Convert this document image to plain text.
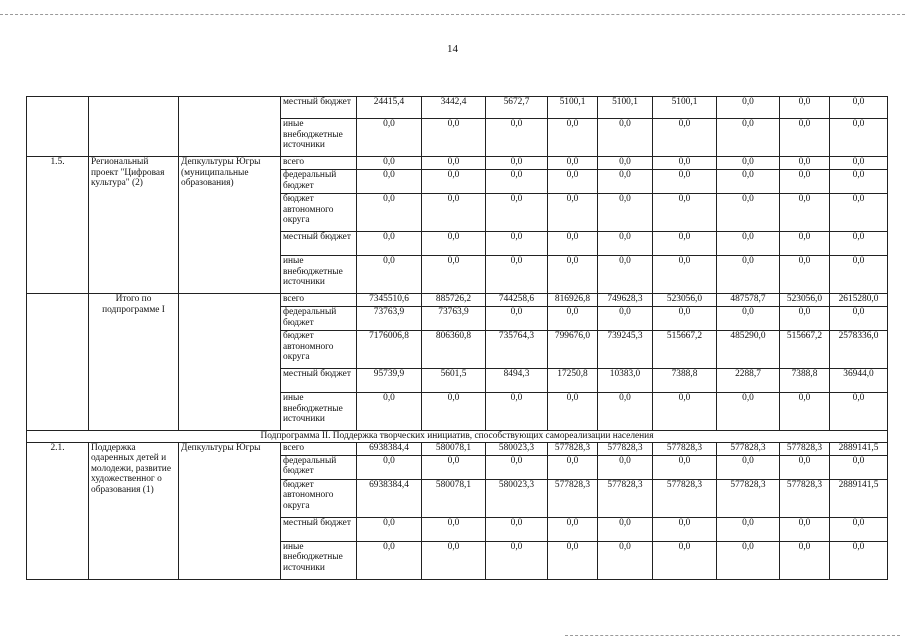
14
			местный бюджет	24415,4	3442,4	5672,7	5100,1	5100,1	5100,1	0,0	0,0	0,0
			иные внебюджетные источники	0,0	0,0	0,0	0,0	0,0	0,0	0,0	0,0	0,0
1.5.	Региональный проект "Цифровая культура" (2)	Депкультуры Югры (муниципальные образования)	всего	0,0	0,0	0,0	0,0	0,0	0,0	0,0	0,0	0,0
			федеральный бюджет	0,0	0,0	0,0	0,0	0,0	0,0	0,0	0,0	0,0
			бюджет автономного округа	0,0	0,0	0,0	0,0	0,0	0,0	0,0	0,0	0,0
			местный бюджет	0,0	0,0	0,0	0,0	0,0	0,0	0,0	0,0	0,0
			иные внебюджетные источники	0,0	0,0	0,0	0,0	0,0	0,0	0,0	0,0	0,0
	Итого по подпрограмме I		всего	7345510,6	885726,2	744258,6	816926,8	749628,3	523056,0	487578,7	523056,0	2615280,0
			федеральный бюджет	73763,9	73763,9	0,0	0,0	0,0	0,0	0,0	0,0	0,0
			бюджет автономного округа	7176006,8	806360,8	735764,3	799676,0	739245,3	515667,2	485290,0	515667,2	2578336,0
			местный бюджет	95739,9	5601,5	8494,3	17250,8	10383,0	7388,8	2288,7	7388,8	36944,0
			иные внебюджетные источники	0,0	0,0	0,0	0,0	0,0	0,0	0,0	0,0	0,0
Подпрограмма II. Поддержка творческих инициатив, способствующих самореализации населения												
2.1.	Поддержка одаренных детей и молодежи, развитие художественног о образования (1)	Депкультуры Югры	всего	6938384,4	580078,1	580023,3	577828,3	577828,3	577828,3	577828,3	577828,3	2889141,5
			федеральный бюджет	0,0	0,0	0,0	0,0	0,0	0,0	0,0	0,0	0,0
			бюджет автономного округа	6938384,4	580078,1	580023,3	577828,3	577828,3	577828,3	577828,3	577828,3	2889141,5
			местный бюджет	0,0	0,0	0,0	0,0	0,0	0,0	0,0	0,0	0,0
			иные внебюджетные источники	0,0	0,0	0,0	0,0	0,0	0,0	0,0	0,0	0,0
